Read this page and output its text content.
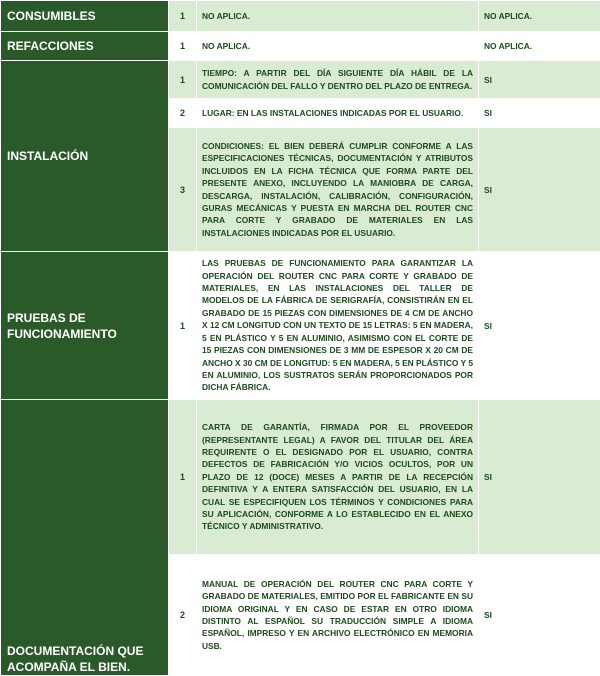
CONSUMIBLES	1	NO APLICA.	NO APLICA.
REFACCIONES	1	NO APLICA.	NO APLICA.
INSTALACIÓN	1	TIEMPO: A PARTIR DEL DÍA SIGUIENTE DÍA HÁBIL DE LA COMUNICACIÓN DEL FALLO Y DENTRO DEL PLAZO DE ENTREGA.	SI
	2	LUGAR: EN LAS INSTALACIONES INDICADAS POR EL USUARIO.	SI
	3	CONDICIONES: EL BIEN DEBERÁ CUMPLIR CONFORME A LAS ESPECIFICACIONES TÉCNICAS, DOCUMENTACIÓN Y ATRIBUTOS INCLUIDOS EN LA FICHA TÉCNICA QUE FORMA PARTE DEL PRESENTE ANEXO, INCLUYENDO LA MANIOBRA DE CARGA, DESCARGA, INSTALACIÓN, CALIBRACIÓN, CONFIGURACIÓN, GURAS MECÁNICAS Y PUESTA EN MARCHA DEL ROUTER CNC PARA CORTE Y GRABADO DE MATERIALES EN LAS INSTALACIONES INDICADAS POR EL USUARIO.	SI
PRUEBAS DE FUNCIONAMIENTO	1	LAS PRUEBAS DE FUNCIONAMIENTO PARA GARANTIZAR LA OPERACIÓN DEL ROUTER CNC PARA CORTE Y GRABADO DE MATERIALES, EN LAS INSTALACIONES DEL TALLER DE MODELOS DE LA FÁBRICA DE SERIGRAFÍA, CONSISTIRÁN EN EL GRABADO DE 15 PIEZAS CON DIMENSIONES DE 4 CM DE ANCHO X 12 CM LONGITUD CON UN TEXTO DE 15 LETRAS: 5 EN MADERA, 5 EN PLÁSTICO Y 5 EN ALUMINIO, ASIMISMO CON EL CORTE DE 15 PIEZAS CON DIMENSIONES DE 3 MM DE ESPESOR X 20 CM DE ANCHO X 30 CM DE LONGITUD: 5 EN MADERA, 5 EN PLÁSTICO Y 5 EN ALUMINIO, LOS SUSTRATOS SERÁN PROPORCIONADOS POR DICHA FÁBRICA.	SI
DOCUMENTACIÓN QUE ACOMPAÑA EL BIEN.	1	CARTA DE GARANTÍA, FIRMADA POR EL PROVEEDOR (REPRESENTANTE LEGAL) A FAVOR DEL TITULAR DEL ÁREA REQUIRENTE O EL DESIGNADO POR EL USUARIO, CONTRA DEFECTOS DE FABRICACIÓN Y/O VICIOS OCULTOS, POR UN PLAZO DE 12 (DOCE) MESES A PARTIR DE LA RECEPCIÓN DEFINITIVA Y A ENTERA SATISFACCIÓN DEL USUARIO, EN LA CUAL SE ESPECIFIQUEN LOS TÉRMINOS Y CONDICIONES PARA SU APLICACIÓN, CONFORME A LO ESTABLECIDO EN EL ANEXO TÉCNICO Y ADMINISTRATIVO.	SI
	2	MANUAL DE OPERACIÓN DEL ROUTER CNC PARA CORTE Y GRABADO DE MATERIALES, EMITIDO POR EL FABRICANTE EN SU IDIOMA ORIGINAL Y EN CASO DE ESTAR EN OTRO IDIOMA DISTINTO AL ESPAÑOL SU TRADUCCIÓN SIMPLE A IDIOMA ESPAÑOL, IMPRESO Y EN ARCHIVO ELECTRÓNICO EN MEMORIA USB.	SI
